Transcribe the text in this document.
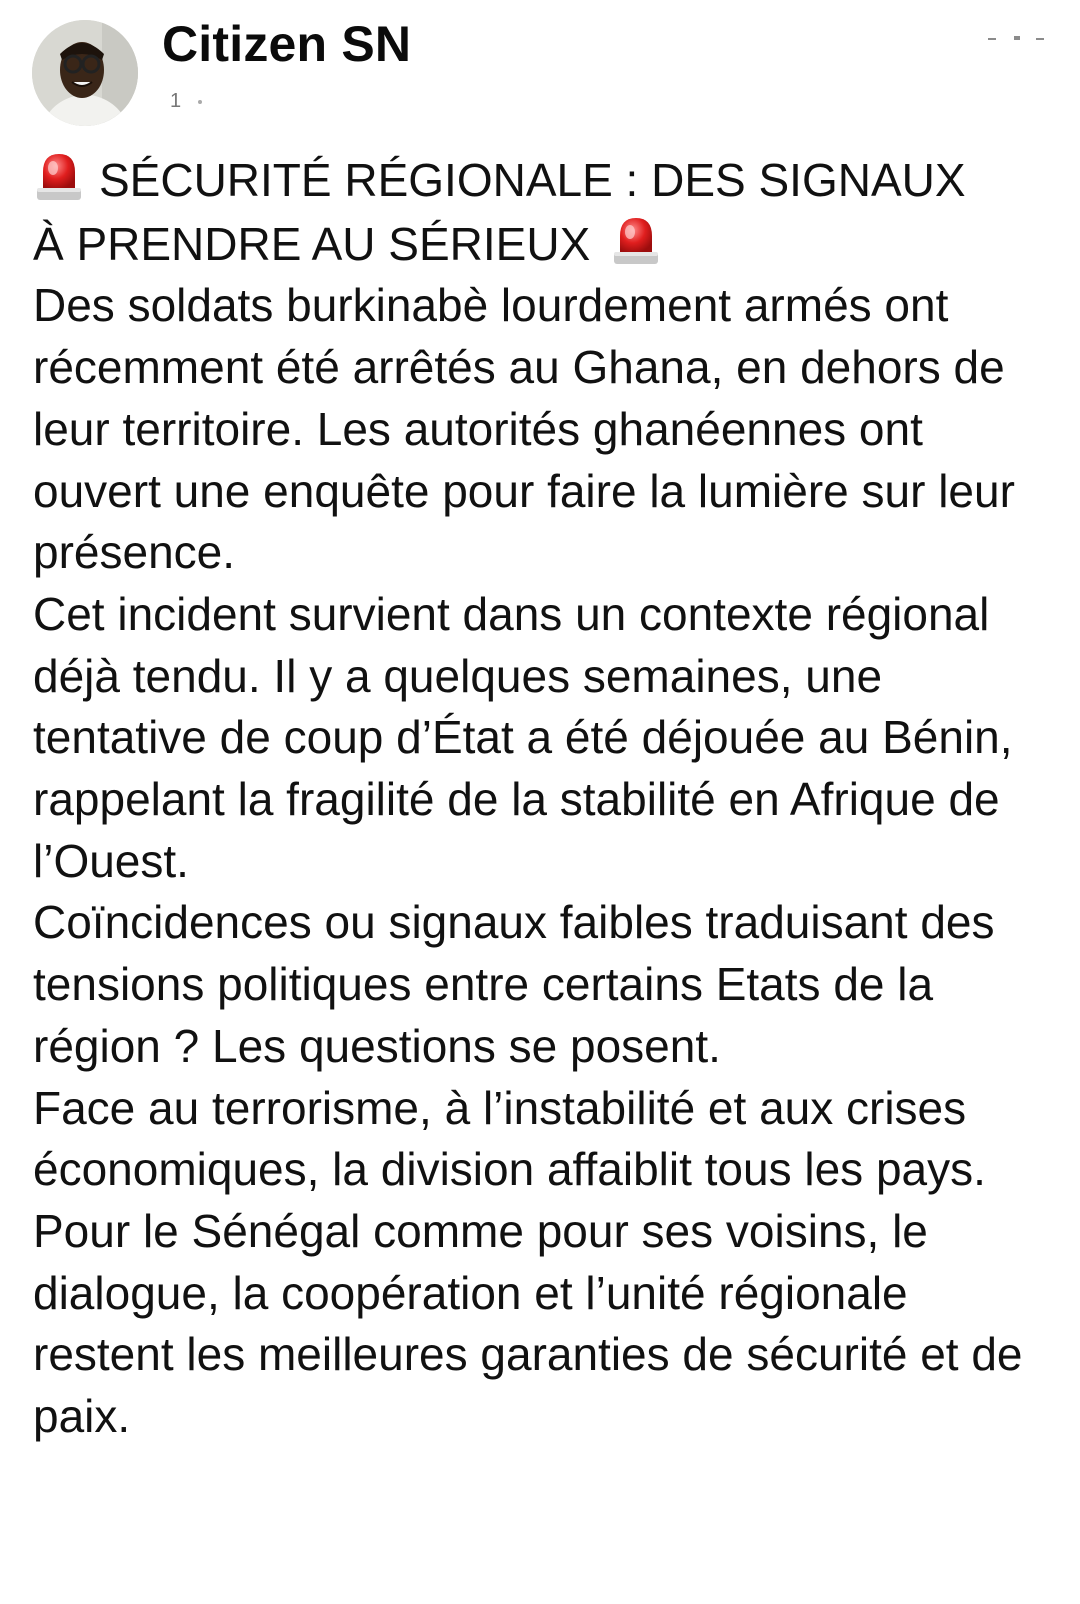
Citizen SN
1

SÉCURITÉ RÉGIONALE : DES SIGNAUX
À PRENDRE AU SÉRIEUX

Des soldats burkinabè lourdement armés ont récemment été arrêtés au Ghana, en dehors de leur territoire. Les autorités ghanéennes ont ouvert une enquête pour faire la lumière sur leur présence.

Cet incident survient dans un contexte régional déjà tendu. Il y a quelques semaines, une tentative de coup d’État a été déjouée au Bénin, rappelant la fragilité de la stabilité en Afrique de l’Ouest.

Coïncidences ou signaux faibles traduisant des tensions politiques entre certains Etats de la région ? Les questions se posent.

Face au terrorisme, à l’instabilité et aux crises économiques, la division affaiblit tous les pays. Pour le Sénégal comme pour ses voisins, le dialogue, la coopération et l’unité régionale restent les meilleures garanties de sécurité et de paix.
